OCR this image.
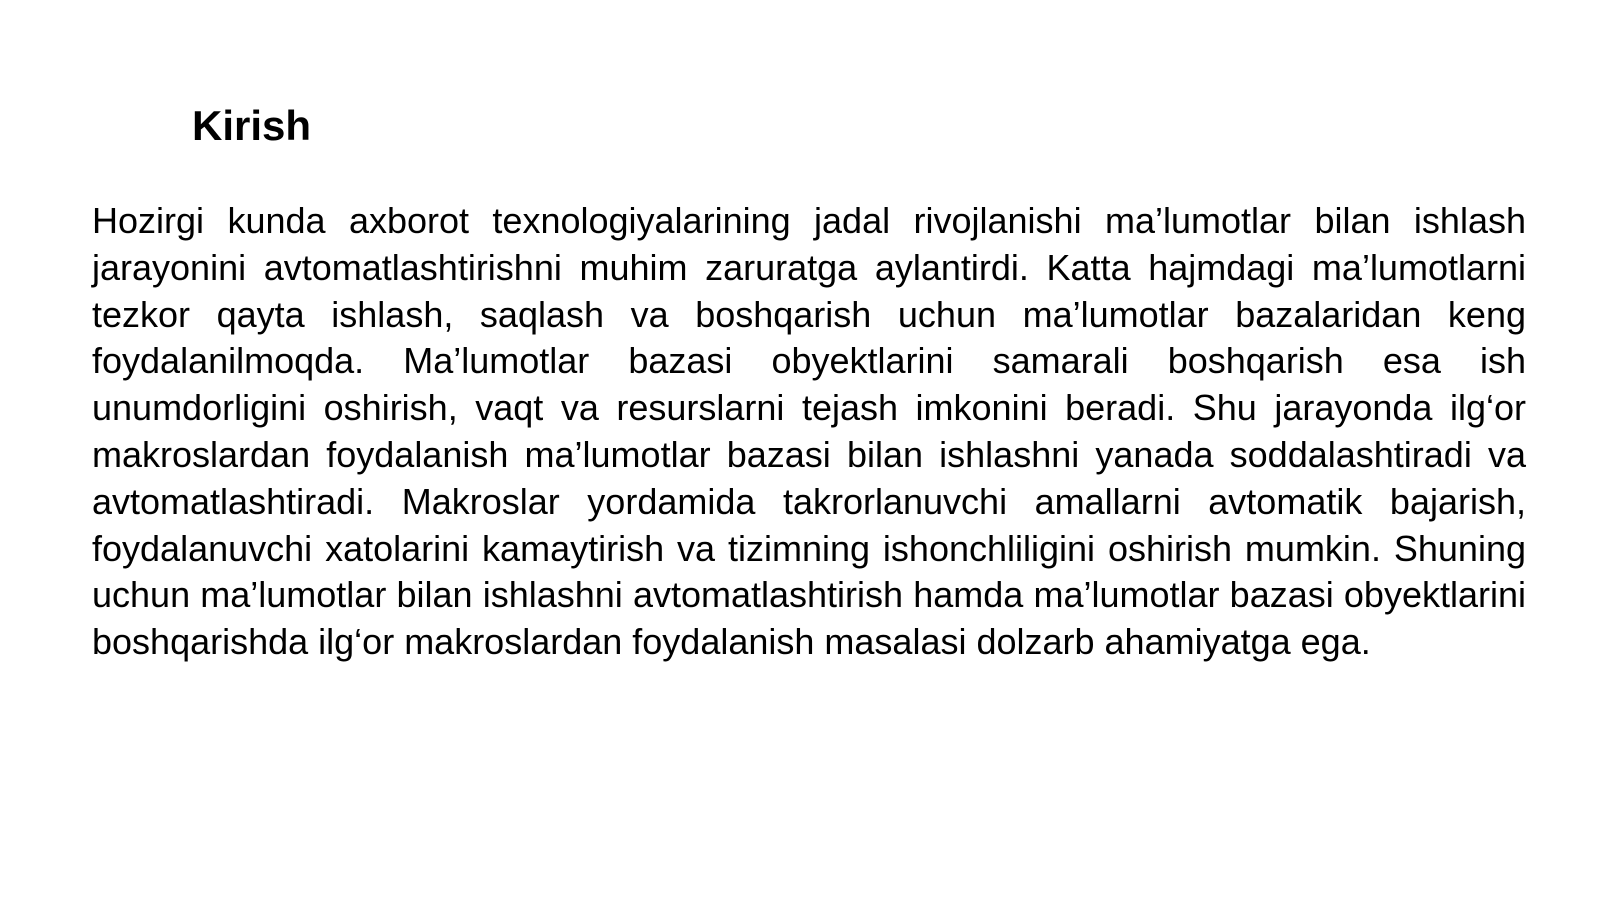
Kirish

Hozirgi kunda axborot texnologiyalarining jadal rivojlanishi ma’lumotlar bilan ishlash jarayonini avtomatlashtirishni muhim zaruratga aylantirdi. Katta hajmdagi ma’lumotlarni tezkor qayta ishlash, saqlash va boshqarish uchun ma’lumotlar bazalaridan keng foydalanilmoqda. Ma’lumotlar bazasi obyektlarini samarali boshqarish esa ish unumdorligini oshirish, vaqt va resurslarni tejash imkonini beradi. Shu jarayonda ilg‘or makroslardan foydalanish ma’lumotlar bazasi bilan ishlashni yanada soddalashtiradi va avtomatlashtiradi. Makroslar yordamida takrorlanuvchi amallarni avtomatik bajarish, foydalanuvchi xatolarini kamaytirish va tizimning ishonchliligini oshirish mumkin. Shuning uchun ma’lumotlar bilan ishlashni avtomatlashtirish hamda ma’lumotlar bazasi obyektlarini boshqarishda ilg‘or makroslardan foydalanish masalasi dolzarb ahamiyatga ega.
